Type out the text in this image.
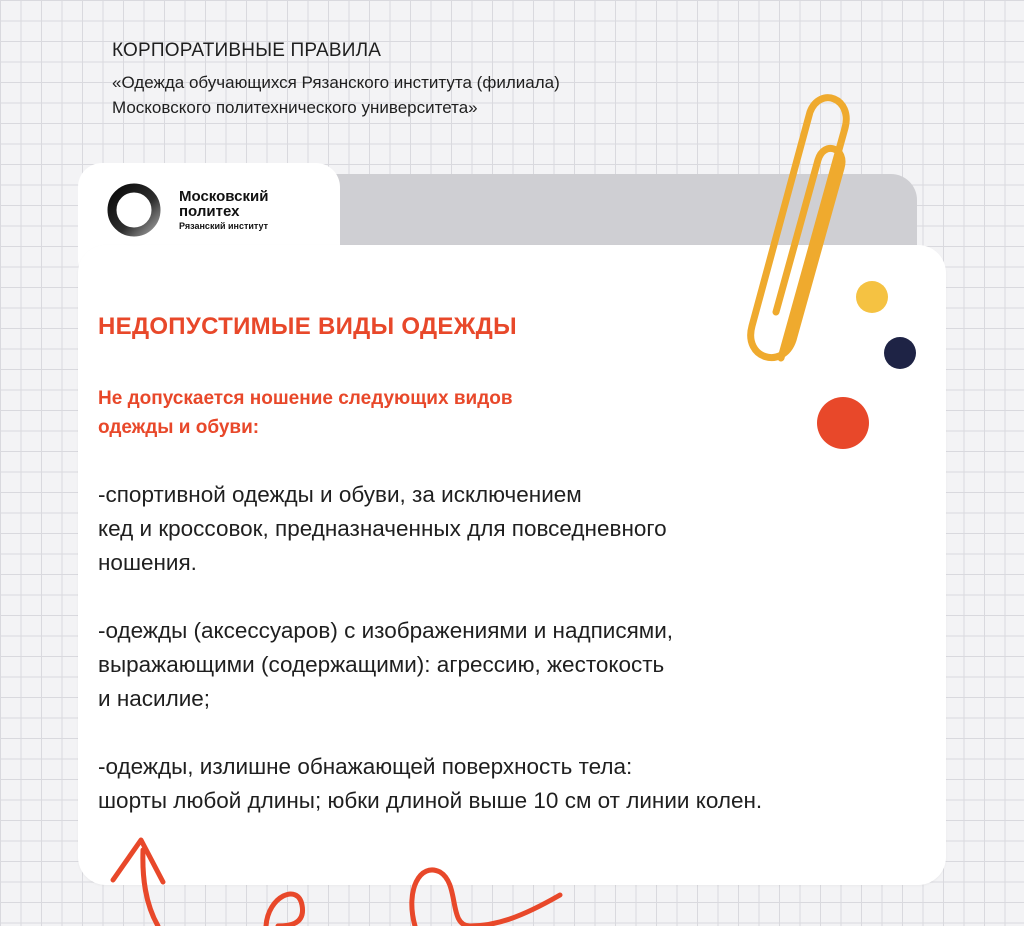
КОРПОРАТИВНЫЕ ПРАВИЛА
«Одежда обучающихся Рязанского института (филиала)
Московского политехнического университета»
Московский
политех
Рязанский институт
НЕДОПУСТИМЫЕ ВИДЫ ОДЕЖДЫ
Не допускается ношение следующих видов
одежды и обуви:

-спортивной одежды и обуви, за исключением

кед и кроссовок, предназначенных для повседневного

ношения.

-одежды (аксессуаров) с изображениями и надписями,

выражающими (содержащими): агрессию, жестокость

и насилие;

-одежды, излишне обнажающей поверхность тела:

шорты любой длины; юбки длиной выше 10 см от линии колен.
